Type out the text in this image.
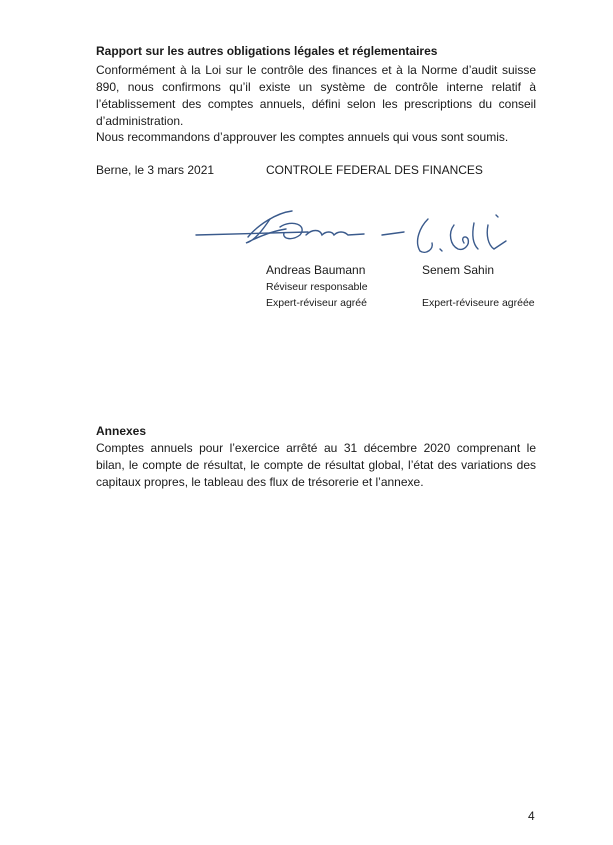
Rapport sur les autres obligations légales et réglementaires
Conformément à la Loi sur le contrôle des finances et à la Norme d’audit suisse 890, nous confirmons qu’il existe un système de contrôle interne relatif à l’établissement des comptes annuels, défini selon les prescriptions du conseil d’administration.
Nous recommandons d’approuver les comptes annuels qui vous sont soumis.
Berne, le 3 mars 2021	CONTROLE FEDERAL DES FINANCES
Andreas Baumann
Réviseur responsable
Expert-réviseur agréé
Senem Sahin
Expert-réviseure agréée
Annexes
Comptes annuels pour l’exercice arrêté au 31 décembre 2020 comprenant le bilan, le compte de résultat, le compte de résultat global, l’état des variations des capitaux propres, le tableau des flux de trésorerie et l’annexe.
4
